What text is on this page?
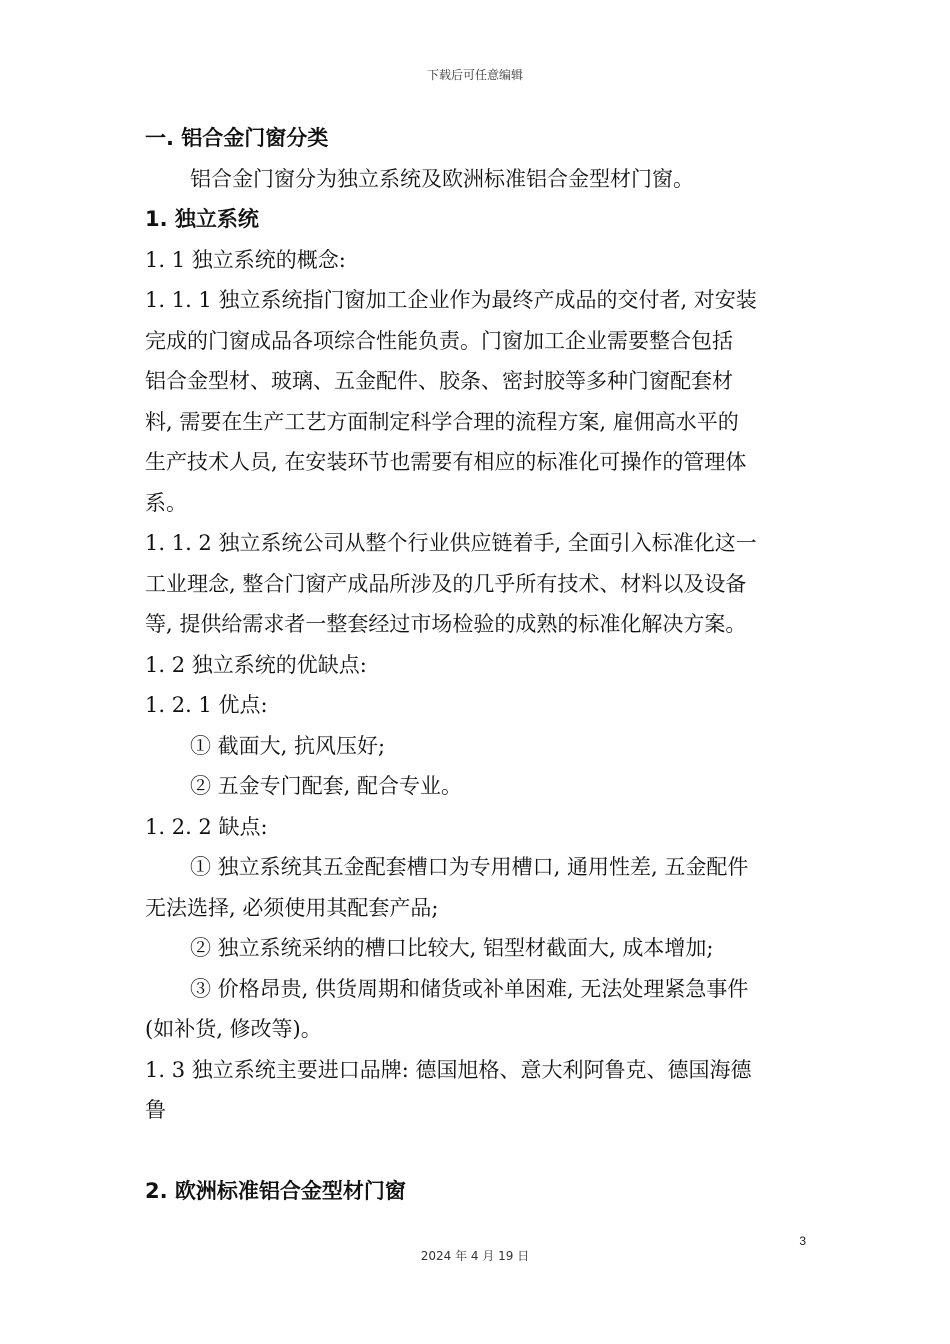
下载后可任意编辑
一. 铝合金门窗分类
铝合金门窗分为独立系统及欧洲标准铝合金型材门窗。
1. 独立系统
1. 1 独立系统的概念:
1. 1. 1 独立系统指门窗加工企业作为最终产成品的交付者, 对安装
完成的门窗成品各项综合性能负责。门窗加工企业需要整合包括
铝合金型材、玻璃、五金配件、胶条、密封胶等多种门窗配套材
料, 需要在生产工艺方面制定科学合理的流程方案, 雇佣高水平的
生产技术人员, 在安装环节也需要有相应的标准化可操作的管理体
系。
1. 1. 2 独立系统公司从整个行业供应链着手, 全面引入标准化这一
工业理念, 整合门窗产成品所涉及的几乎所有技术、材料以及设备
等, 提供给需求者一整套经过市场检验的成熟的标准化解决方案。
1. 2 独立系统的优缺点:
1. 2. 1 优点:
① 截面大, 抗风压好;
② 五金专门配套, 配合专业。
1. 2. 2 缺点:
① 独立系统其五金配套槽口为专用槽口, 通用性差, 五金配件
无法选择, 必须使用其配套产品;
② 独立系统采纳的槽口比较大, 铝型材截面大, 成本增加;
③ 价格昂贵, 供货周期和储货或补单困难, 无法处理紧急事件
(如补货, 修改等)。
1. 3 独立系统主要进口品牌: 德国旭格、意大利阿鲁克、德国海德
鲁
2. 欧洲标准铝合金型材门窗
3
2024 年 4 月 19 日
